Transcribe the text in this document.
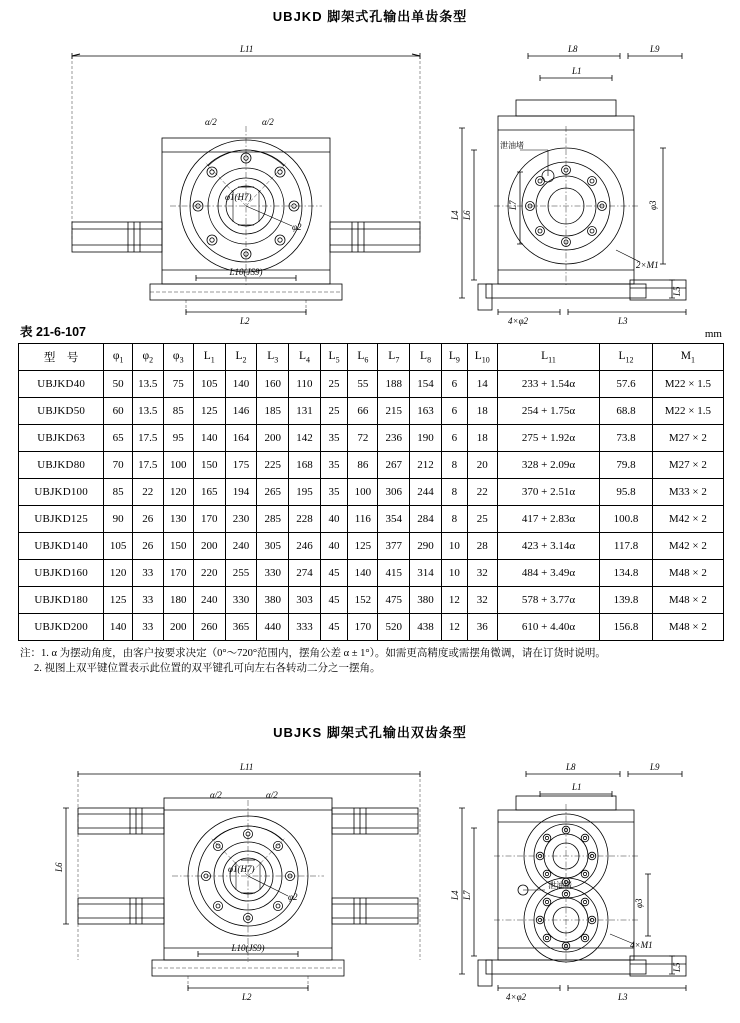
UBJKD 脚架式孔输出单齿条型
L11	L8	L9
L1
α/2	α/2
φ1(H7)
φ2
L10(JS9)
L2
泄油堵
φ3
L4 L6
L7
L5
4×φ2	L3
2×M1
表 21-6-107	mm
型　号	$\varphi_1$	$\varphi_2$	$\varphi_3$	$L_1$	$L_2$	$L_3$	$L_4$	$L_5$	$L_6$	$L_7$	$L_8$	$L_9$	$L_{10}$	$L_{11}$	$L_{12}$	$M_1$
UBJKD40	50	13.5	75	105	140	160	110	25	55	188	154	6	14	233 + 1.54α	57.6	M22 × 1.5
UBJKD50	60	13.5	85	125	146	185	131	25	66	215	163	6	18	254 + 1.75α	68.8	M22 × 1.5
UBJKD63	65	17.5	95	140	164	200	142	35	72	236	190	6	18	275 + 1.92α	73.8	M27 × 2
UBJKD80	70	17.5	100	150	175	225	168	35	86	267	212	8	20	328 + 2.09α	79.8	M27 × 2
UBJKD100	85	22	120	165	194	265	195	35	100	306	244	8	22	370 + 2.51α	95.8	M33 × 2
UBJKD125	90	26	130	170	230	285	228	40	116	354	284	8	25	417 + 2.83α	100.8	M42 × 2
UBJKD140	105	26	150	200	240	305	246	40	125	377	290	10	28	423 + 3.14α	117.8	M42 × 2
UBJKD160	120	33	170	220	255	330	274	45	140	415	314	10	32	484 + 3.49α	134.8	M48 × 2
UBJKD180	125	33	180	240	330	380	303	45	152	475	380	12	32	578 + 3.77α	139.8	M48 × 2
UBJKD200	140	33	200	260	365	440	333	45	170	520	438	12	36	610 + 4.40α	156.8	M48 × 2
注：1. α 为摆动角度，由客户按要求决定（0°～720°范围内，摆角公差 α ± 1°）。如需更高精度或需摆角微调，请在订货时说明。
2. 视图上双平键位置表示此位置的双平键孔可向左右各转动二分之一摆角。
UBJKS 脚架式孔输出双齿条型
L11	L8	L9
L1
α/2	α/2
φ1(H7)
φ2
L10(JS9)
L2
L6
泄油堵
φ3
L4 L7
L5
4×φ2	L3
4×M1
